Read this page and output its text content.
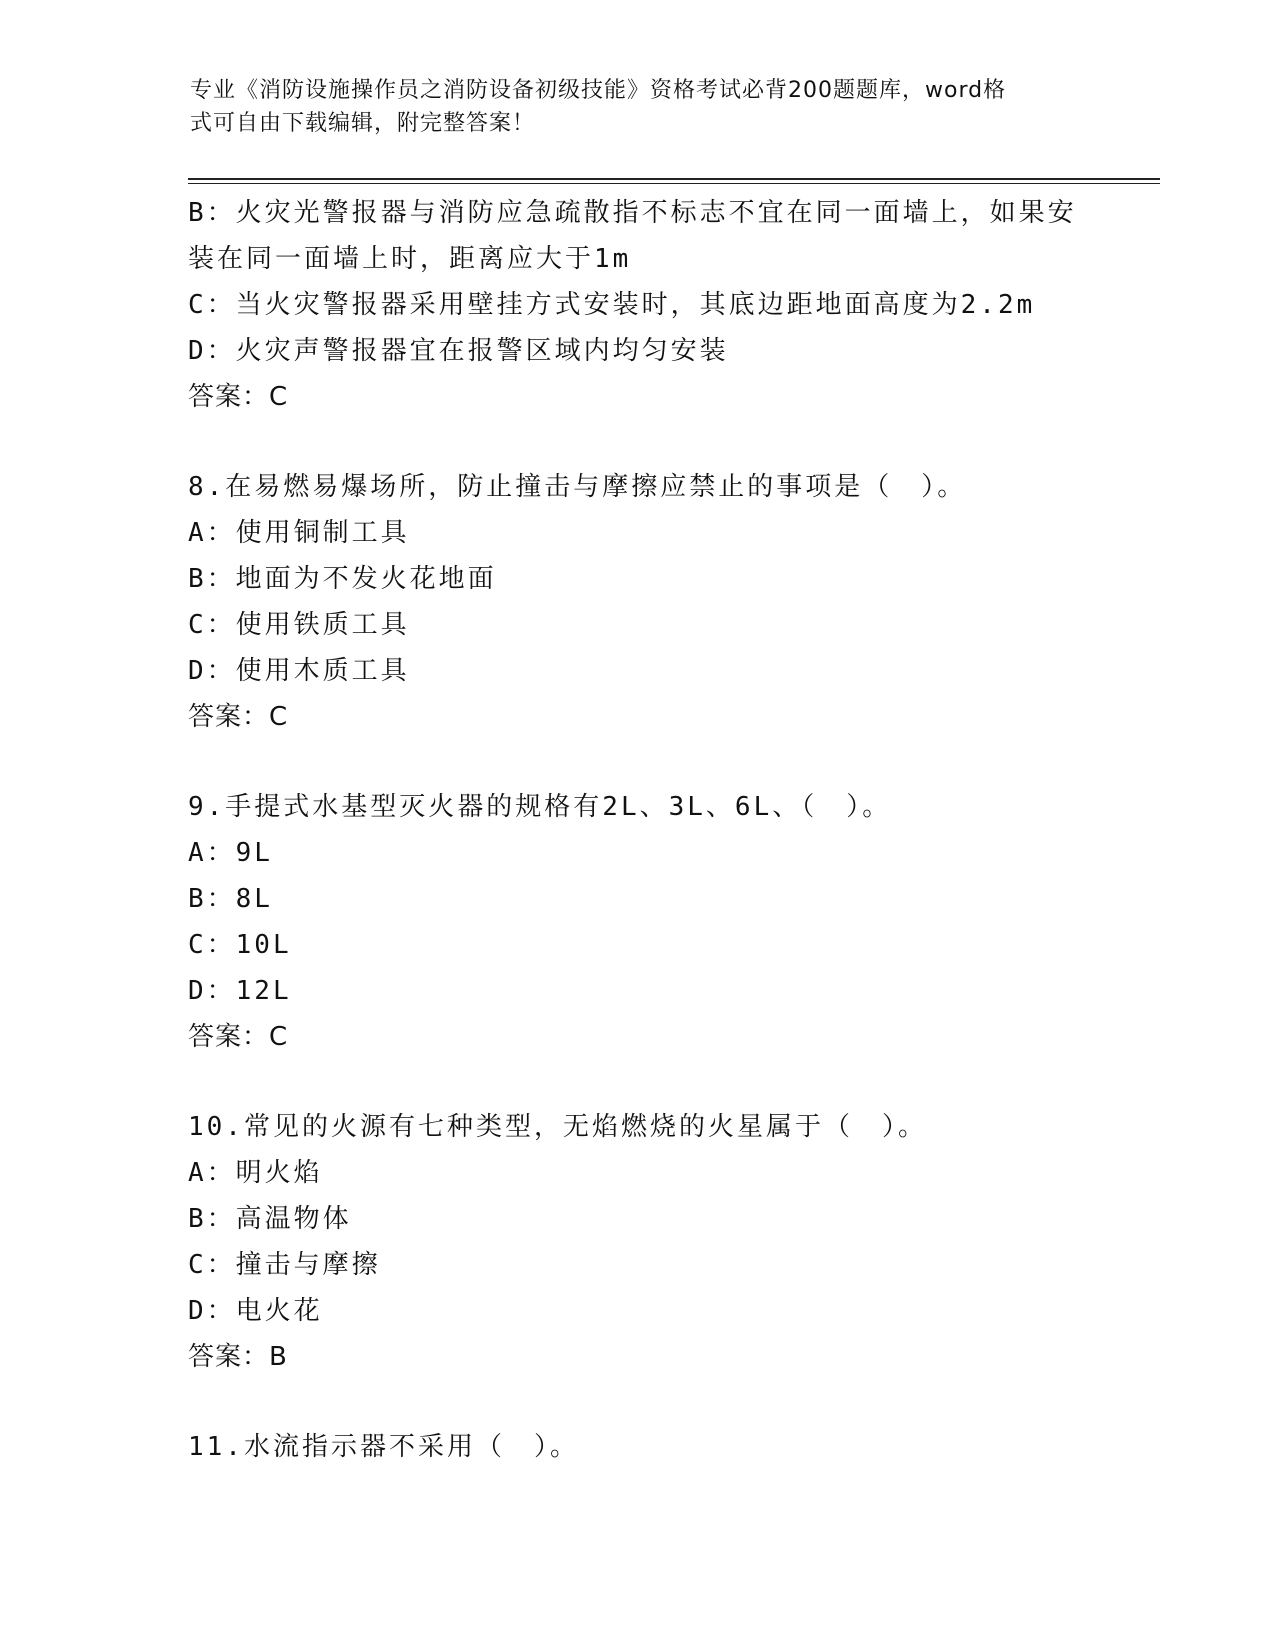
专业《消防设施操作员之消防设备初级技能》资格考试必背200题题库，word格
式可自由下载编辑，附完整答案！
B：火灾光警报器与消防应急疏散指不标志不宜在同一面墙上，如果安
装在同一面墙上时，距离应大于1m
C：当火灾警报器采用壁挂方式安装时，其底边距地面高度为2.2m
D：火灾声警报器宜在报警区域内均匀安装
答案：C
8.在易燃易爆场所，防止撞击与摩擦应禁止的事项是（　）。
A：使用铜制工具
B：地面为不发火花地面
C：使用铁质工具
D：使用木质工具
答案：C
9.手提式水基型灭火器的规格有2L、3L、6L、（　）。
A：9L
B：8L
C：10L
D：12L
答案：C
10.常见的火源有七种类型，无焰燃烧的火星属于（　）。
A：明火焰
B：高温物体
C：撞击与摩擦
D：电火花
答案：B
11.水流指示器不采用（　）。
